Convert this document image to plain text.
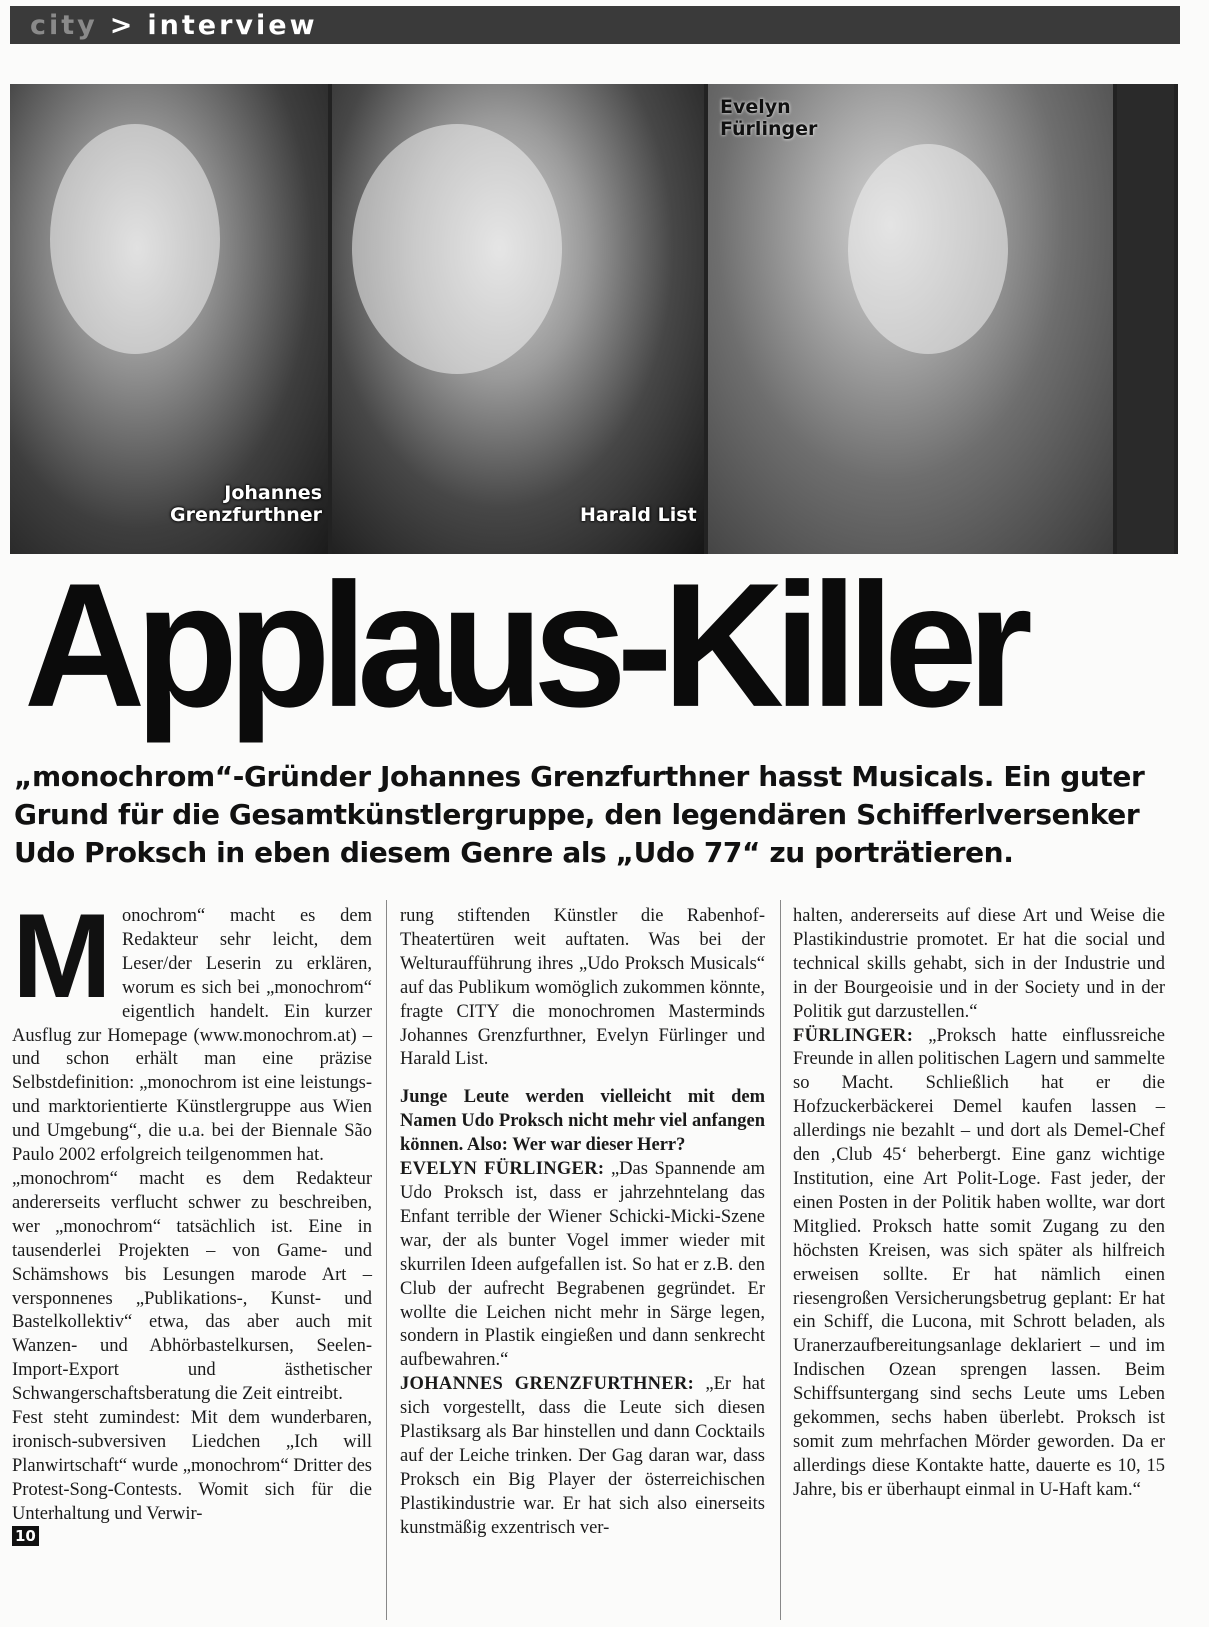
city > interview
Johannes
Grenzfurthner	Harald List
Evelyn
Fürlinger
Applaus-Killer
„monochrom“-Gründer Johannes Grenzfurthner hasst Musicals. Ein guter Grund für die Gesamtkünstlergruppe, den legendären Schifferlversenker Udo Proksch in eben diesem Genre als „Udo 77“ zu porträtieren.

Monochrom“ macht es dem Redakteur sehr leicht, dem Leser/der Leserin zu erklären, worum es sich bei „monochrom“ eigentlich handelt. Ein kurzer Ausflug zur Homepage (www.monochrom.at) – und schon erhält man eine präzise Selbstdefinition: „monochrom ist eine leistungs- und marktorientierte Künstlergruppe aus Wien und Umgebung“, die u.a. bei der Biennale São Paulo 2002 erfolgreich teilgenommen hat.

„monochrom“ macht es dem Redakteur andererseits verflucht schwer zu beschreiben, wer „monochrom“ tatsächlich ist. Eine in tausenderlei Projekten – von Game- und Schämshows bis Lesungen marode Art – versponnenes „Publikations-, Kunst- und Bastelkollektiv“ etwa, das aber auch mit Wanzen- und Abhörbastelkursen, Seelen-Import-Export und ästhetischer Schwangerschaftsberatung die Zeit eintreibt.

Fest steht zumindest: Mit dem wunderbaren, ironisch-subversiven Liedchen „Ich will Planwirtschaft“ wurde „monochrom“ Dritter des Protest-Song-Contests. Womit sich für die Unterhaltung und Verwir-

10

rung stiftenden Künstler die Rabenhof-Theatertüren weit auftaten. Was bei der Welturaufführung ihres „Udo Proksch Musicals“ auf das Publikum womöglich zukommen könnte, fragte CITY die monochromen Masterminds Johannes Grenzfurthner, Evelyn Fürlinger und Harald List.

Junge Leute werden vielleicht mit dem Namen Udo Proksch nicht mehr viel anfangen können. Also: Wer war dieser Herr?

EVELYN FÜRLINGER: „Das Spannende am Udo Proksch ist, dass er jahrzehntelang das Enfant terrible der Wiener Schicki-Micki-Szene war, der als bunter Vogel immer wieder mit skurrilen Ideen aufgefallen ist. So hat er z.B. den Club der aufrecht Begrabenen gegründet. Er wollte die Leichen nicht mehr in Särge legen, sondern in Plastik eingießen und dann senkrecht aufbewahren.“

JOHANNES GRENZFURTHNER: „Er hat sich vorgestellt, dass die Leute sich diesen Plastiksarg als Bar hinstellen und dann Cocktails auf der Leiche trinken. Der Gag daran war, dass Proksch ein Big Player der österreichischen Plastikindustrie war. Er hat sich also einerseits kunstmäßig exzentrisch ver-

halten, andererseits auf diese Art und Weise die Plastikindustrie promotet. Er hat die social und technical skills gehabt, sich in der Industrie und in der Bourgeoisie und in der Society und in der Politik gut darzustellen.“

FÜRLINGER: „Proksch hatte einflussreiche Freunde in allen politischen Lagern und sammelte so Macht. Schließlich hat er die Hofzuckerbäckerei Demel kaufen lassen – allerdings nie bezahlt – und dort als Demel-Chef den ‚Club 45‘ beherbergt. Eine ganz wichtige Institution, eine Art Polit-Loge. Fast jeder, der einen Posten in der Politik haben wollte, war dort Mitglied. Proksch hatte somit Zugang zu den höchsten Kreisen, was sich später als hilfreich erweisen sollte. Er hat nämlich einen riesengroßen Versicherungsbetrug geplant: Er hat ein Schiff, die Lucona, mit Schrott beladen, als Uranerzaufbereitungsanlage deklariert – und im Indischen Ozean sprengen lassen. Beim Schiffsuntergang sind sechs Leute ums Leben gekommen, sechs haben überlebt. Proksch ist somit zum mehrfachen Mörder geworden. Da er allerdings diese Kontakte hatte, dauerte es 10, 15 Jahre, bis er überhaupt einmal in U-Haft kam.“
